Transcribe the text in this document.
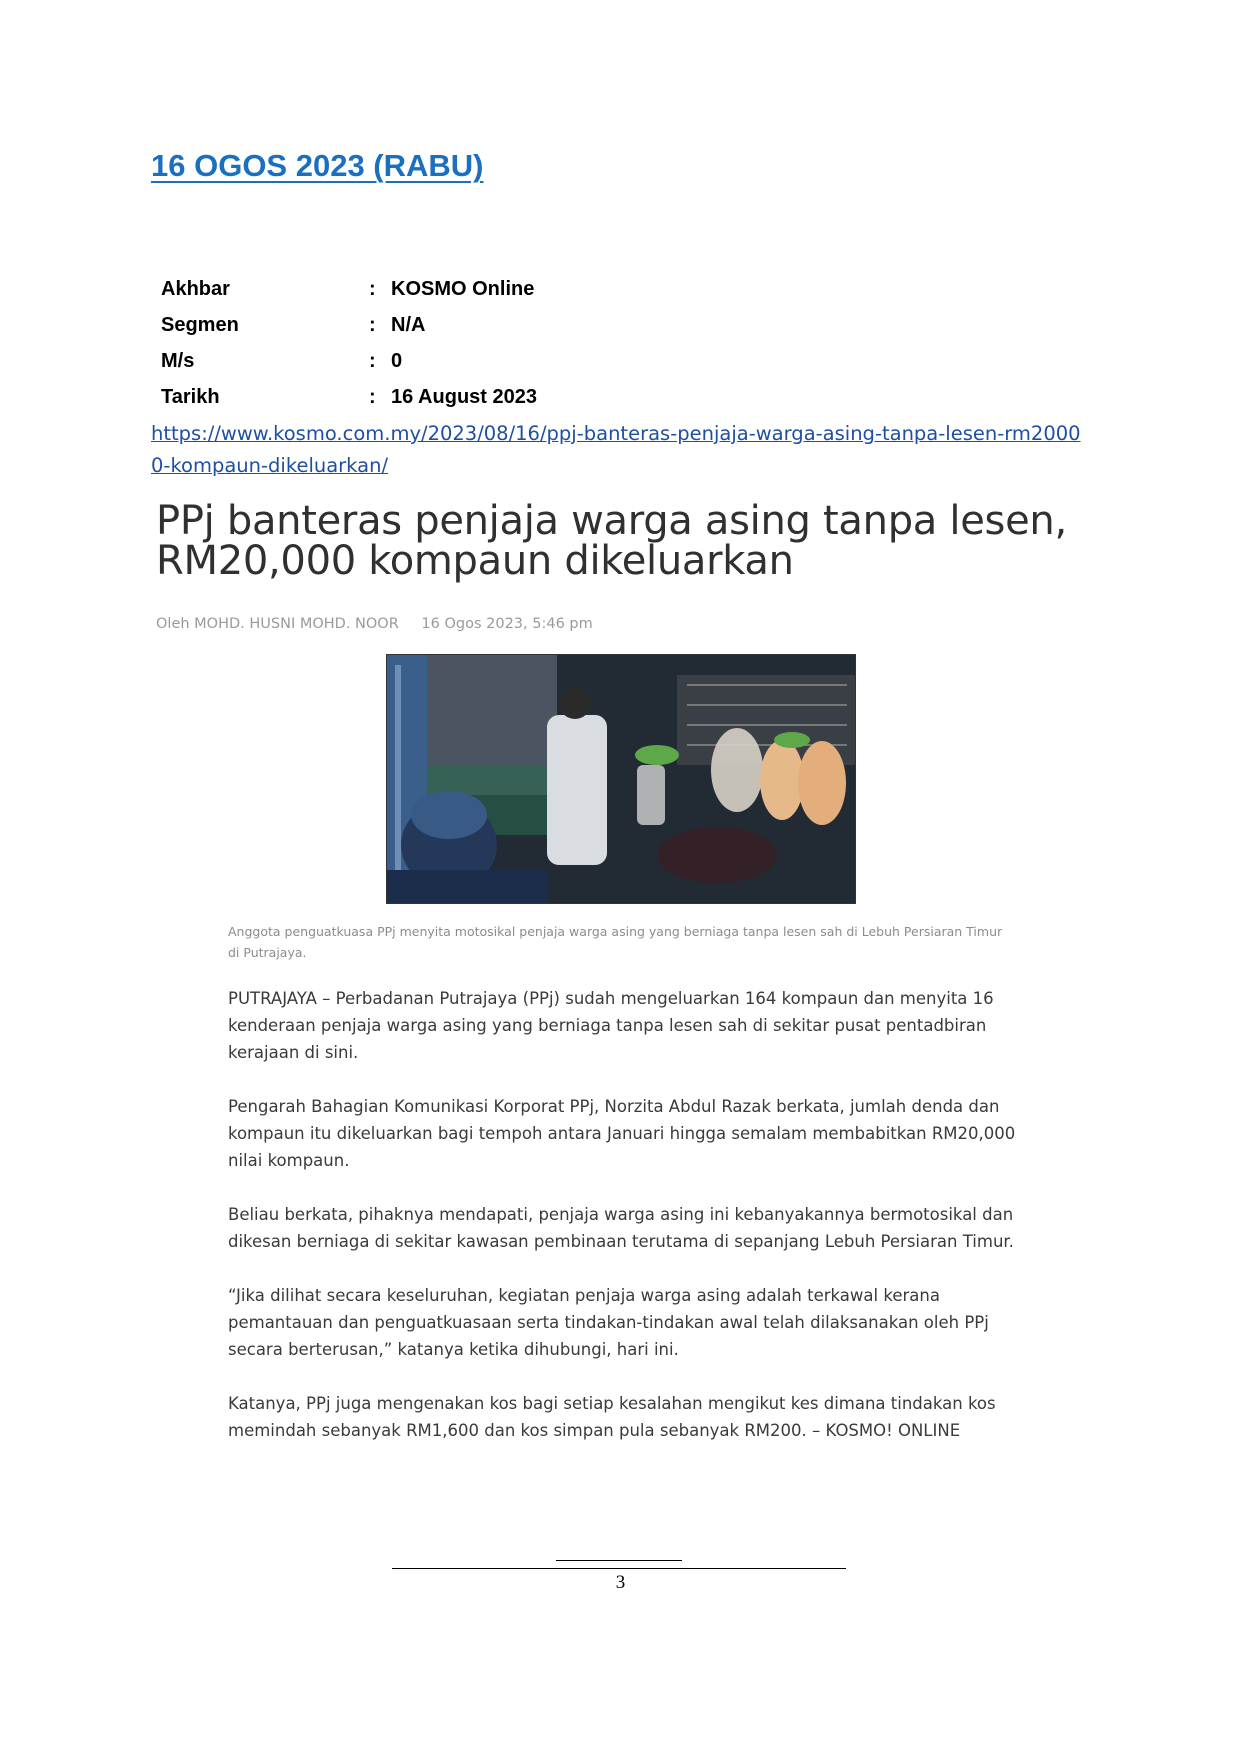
16 OGOS 2023 (RABU)
Akhbar	: KOSMO Online
Segmen	: N/A
M/s	: 0
Tarikh	: 16 August 2023
https://www.kosmo.com.my/2023/08/16/ppj-banteras-penjaja-warga-asing-tanpa-lesen-rm20000-kompaun-dikeluarkan/
PPj banteras penjaja warga asing tanpa lesen, RM20,000 kompaun dikeluarkan
Oleh MOHD. HUSNI MOHD. NOOR 16 Ogos 2023, 5:46 pm
Anggota penguatkuasa PPj menyita motosikal penjaja warga asing yang berniaga tanpa lesen sah di Lebuh Persiaran Timur di Putrajaya.

PUTRAJAYA – Perbadanan Putrajaya (PPj) sudah mengeluarkan 164 kompaun dan menyita 16 kenderaan penjaja warga asing yang berniaga tanpa lesen sah di sekitar pusat pentadbiran kerajaan di sini.

Pengarah Bahagian Komunikasi Korporat PPj, Norzita Abdul Razak berkata, jumlah denda dan kompaun itu dikeluarkan bagi tempoh antara Januari hingga semalam membabitkan RM20,000 nilai kompaun.

Beliau berkata, pihaknya mendapati, penjaja warga asing ini kebanyakannya bermotosikal dan dikesan berniaga di sekitar kawasan pembinaan terutama di sepanjang Lebuh Persiaran Timur.

“Jika dilihat secara keseluruhan, kegiatan penjaja warga asing adalah terkawal kerana pemantauan dan penguatkuasaan serta tindakan-tindakan awal telah dilaksanakan oleh PPj secara berterusan,” katanya ketika dihubungi, hari ini.

Katanya, PPj juga mengenakan kos bagi setiap kesalahan mengikut kes dimana tindakan kos memindah sebanyak RM1,600 dan kos simpan pula sebanyak RM200. – KOSMO! ONLINE

3
